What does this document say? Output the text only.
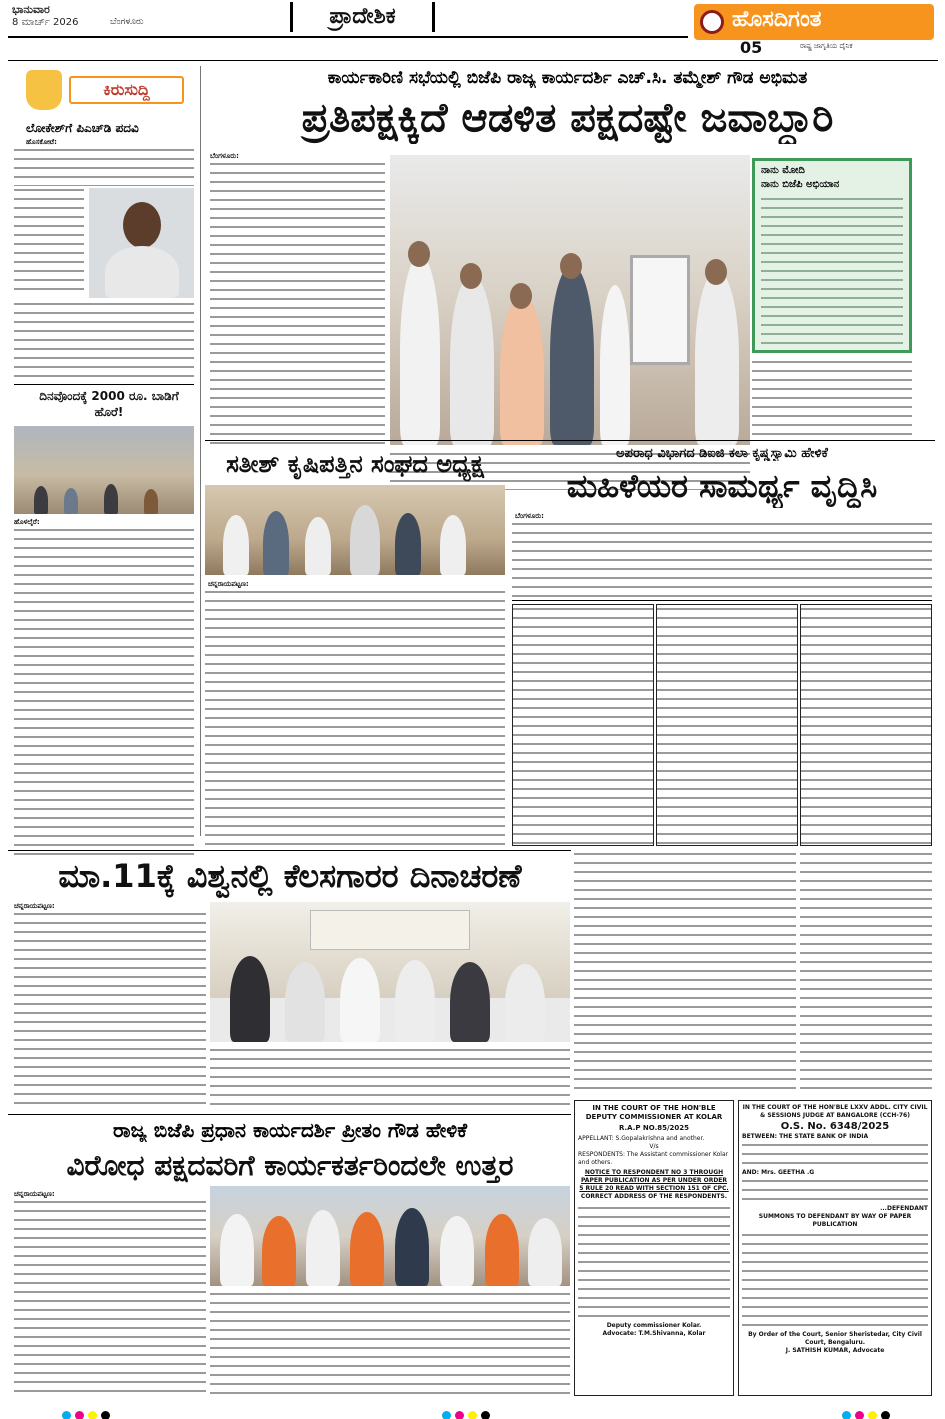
ಭಾನುವಾರ
8 ಮಾರ್ಚ್ 2026	ಬೆಂಗಳೂರು	ಪ್ರಾದೇಶಿಕ	ಹೊಸದಿಗಂತ
05	ರಾಷ್ಟ್ರ ಜಾಗೃತಿಯ ದೈನಿಕ
ಕಿರುಸುದ್ದಿ
ಲೋಕೇಶ್‌ಗೆ ಪಿಎಚ್‌ಡಿ ಪದವಿ
ಹೊಸಕೋಟೆ:
ದಿನವೊಂದಕ್ಕೆ 2000 ರೂ. ಬಾಡಿಗೆ ಹೊರೆ!
ಹೊಳಲ್ಕೆರೆ:
ಕಾರ್ಯಕಾರಿಣಿ ಸಭೆಯಲ್ಲಿ ಬಿಜೆಪಿ ರಾಜ್ಯ ಕಾರ್ಯದರ್ಶಿ ಎಚ್.ಸಿ. ತಮ್ಮೇಶ್ ಗೌಡ ಅಭಿಮತ
ಪ್ರತಿಪಕ್ಷಕ್ಕಿದೆ ಆಡಳಿತ ಪಕ್ಷದಷ್ಟೇ ಜವಾಬ್ದಾರಿ
ಬೆಂಗಳೂರು:
ನಾನು ಮೋದಿ
ನಾನು ಬಿಜೆಪಿ ಅಭಿಯಾನ
ಸತೀಶ್ ಕೃಷಿಪತ್ತಿನ ಸಂಘದ ಅಧ್ಯಕ್ಷ
ಚನ್ನರಾಯಪಟ್ಟಣ:
ಅಪರಾಧ ವಿಭಾಗದ ಡಿಐಜಿ ಕಲಾ ಕೃಷ್ಣಸ್ವಾಮಿ ಹೇಳಿಕೆ
ಮಹಿಳೆಯರ ಸಾಮರ್ಥ್ಯ ವೃದ್ಧಿಸಿ
ಬೆಂಗಳೂರು:
ಮಾ.11ಕ್ಕೆ ವಿಶ್ವನಲ್ಲಿ ಕೆಲಸಗಾರರ ದಿನಾಚರಣೆ
ಚನ್ನರಾಯಪಟ್ಟಣ:
ರಾಜ್ಯ ಬಿಜೆಪಿ ಪ್ರಧಾನ ಕಾರ್ಯದರ್ಶಿ ಪ್ರೀತಂ ಗೌಡ ಹೇಳಿಕೆ
ವಿರೋಧ ಪಕ್ಷದವರಿಗೆ ಕಾರ್ಯಕರ್ತರಿಂದಲೇ ಉತ್ತರ
ಚನ್ನರಾಯಪಟ್ಟಣ:
IN THE COURT OF THE HON'BLE DEPUTY COMMISSIONER AT KOLAR
R.A.P NO.85/2025
APPELLANT: S.Gopalakrishna and another.
V/s
RESPONDENTS: The Assistant commissioner Kolar and others.
NOTICE TO RESPONDENT NO 3 THROUGH PAPER PUBLICATION AS PER UNDER ORDER 5 RULE 20 READ WITH SECTION 151 OF CPC.
CORRECT ADDRESS OF THE RESPONDENTS.
Deputy commissioner Kolar.
Advocate: T.M.Shivanna, Kolar
IN THE COURT OF THE HON'BLE LXXV ADDL. CITY CIVIL & SESSIONS JUDGE AT BANGALORE (CCH-76)
O.S. No. 6348/2025
BETWEEN: THE STATE BANK OF INDIA
AND: Mrs. GEETHA .G
...DEFENDANT
SUMMONS TO DEFENDANT BY WAY OF PAPER PUBLICATION
By Order of the Court, Senior Sheristedar, City Civil Court, Bengaluru.
J. SATHISH KUMAR, Advocate
